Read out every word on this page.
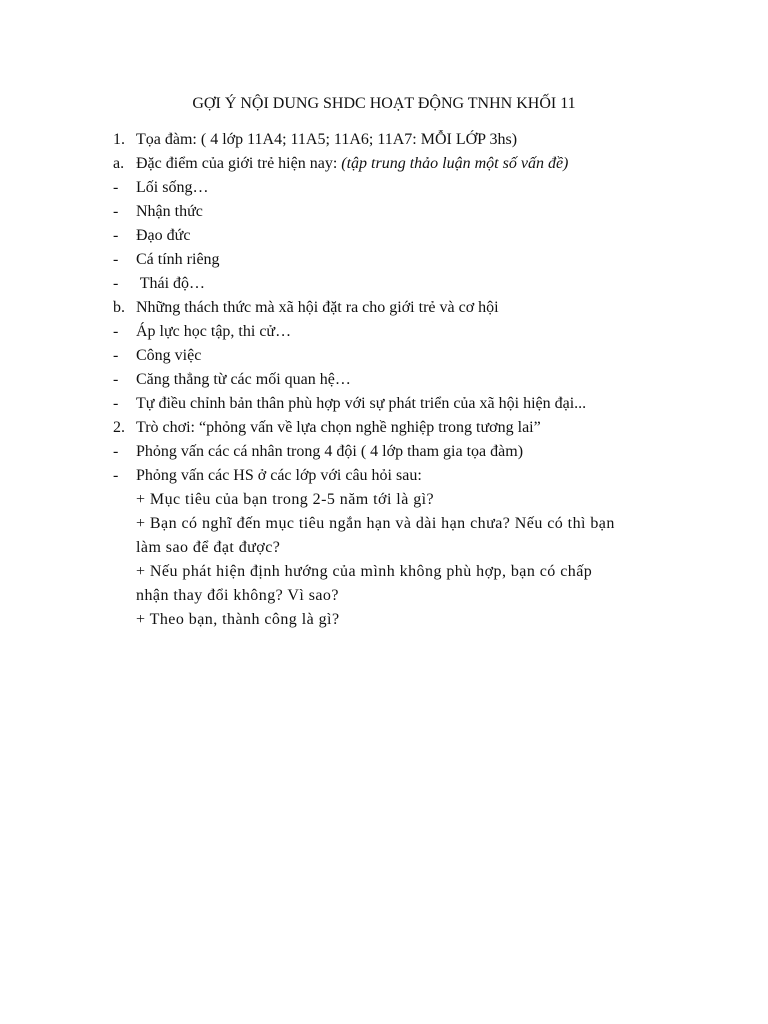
GỢI Ý NỘI DUNG SHDC HOẠT ĐỘNG TNHN KHỐI 11
1. Tọa đàm: ( 4 lớp 11A4; 11A5; 11A6; 11A7: MỖI LỚP 3hs)
a. Đặc điểm của giới trẻ hiện nay: (tập trung thảo luận một số vấn đề)
- Lối sống…
- Nhận thức
- Đạo đức
- Cá tính riêng
- Thái độ…
b. Những thách thức mà xã hội đặt ra cho giới trẻ và cơ hội
- Áp lực học tập, thi cử…
- Công việc
- Căng thẳng từ các mối quan hệ…
- Tự điều chỉnh bản thân phù hợp với sự phát triển của xã hội hiện đại...
2. Trò chơi: “phỏng vấn về lựa chọn nghề nghiệp trong tương lai”
- Phỏng vấn các cá nhân trong 4 đội ( 4 lớp tham gia tọa đàm)
- Phỏng vấn các HS ở các lớp với câu hỏi sau:
+ Mục tiêu của bạn trong 2-5 năm tới là gì?
+ Bạn có nghĩ đến mục tiêu ngắn hạn và dài hạn chưa? Nếu có thì bạn
làm sao để đạt được?
+ Nếu phát hiện định hướng của mình không phù hợp, bạn có chấp
nhận thay đổi không? Vì sao?
+ Theo bạn, thành công là gì?
